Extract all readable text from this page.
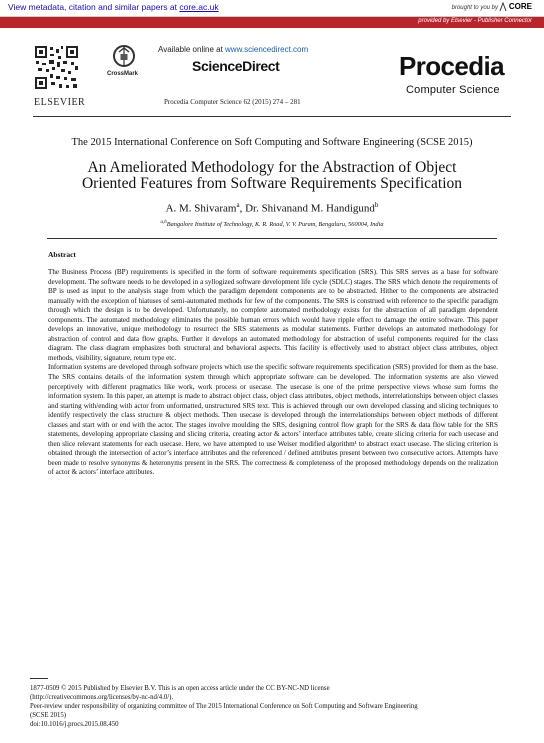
View metadata, citation and similar papers at core.ac.uk	brought to you by CORE
provided by Elsevier - Publisher Connector
ELSEVIER
CrossMark
Available online at www.sciencedirect.com
ScienceDirect
Procedia Computer Science 62 (2015) 274 – 281
Procedia
Computer Science
The 2015 International Conference on Soft Computing and Software Engineering (SCSE 2015)
An Ameliorated Methodology for the Abstraction of Object
Oriented Features from Software Requirements Specification
A. M. Shivaram$^a$, Dr. Shivanand M. Handigund$^b$
$^{a,b}$Bangalore Institute of Technology, K. R. Road, V. V. Puram, Bengaluru, 560004, India
Abstract

The Business Process (BP) requirements is specified in the form of software requirements specification (SRS). This SRS serves as a base for software development. The software needs to be developed in a syllogized software development life cycle (SDLC) stages. The SRS which denote the requirements of BP is used as input to the analysis stage from which the paradigm dependent components are to be abstracted. Hither to the components are abstracted manually with the exception of hiatuses of semi-automated methods for few of the components. The SRS is construed with reference to the specific paradigm through which the design is to be developed. Unfortunately, no complete automated methodology exists for the abstraction of all paradigm dependent components. The automated methodology eliminates the possible human errors which would have ripple effect to damage the entire software. This paper develops an innovative, unique methodology to resurrect the SRS statements as modular statements. Further develops an automated methodology for abstraction of control and data flow graphs. Further it develops an automated methodology for abstraction of useful components required for the class diagram. The class diagram emphasizes both structural and behavioral aspects. This facility is effectively used to abstract object class attributes, object methods, visibility, signature, return type etc.

Information systems are developed through software projects which use the specific software requirements specification (SRS) provided for them as the base. The SRS contains details of the information system through which appropriate software can be developed. The information systems are also viewed perceptively with different pragmatics like work, work process or usecase. The usecase is one of the prime perspective views whose sum forms the information system. In this paper, an attempt is made to abstract object class, object class attributes, object methods, interrelationships between object classes and starting with/ending with actor from unformatted, unstructured SRS text. This is achieved through our own developed classing and slicing techniques to identify respectively the class structure & object methods. Then usecase is developed through the interrelationships between object methods of different classes and start with or end with the actor. The stages involve moulding the SRS, designing control flow graph for the SRS & data flow table for the SRS statements, developing appropriate classing and slicing criteria, creating actor & actors’ interface attributes table, create slicing criteria for each usecase and then slice relevant statements for each usecase. Here, we have attempted to use Weiser modified algorithm¹ to abstract exact usecase. The slicing criterion is obtained through the intersection of actor’s interface attributes and the referenced / defined attributes present between two consecutive actors. Attempts have been made to resolve synonyms & heteronyms present in the SRS. The correctness & completeness of the proposed methodology depends on the realization of actor & actors’ interface attributes.

1877-0509 © 2015 Published by Elsevier B.V. This is an open access article under the CC BY-NC-ND license
(http://creativecommons.org/licenses/by-nc-nd/4.0/).
Peer-review under responsibility of organizing committee of The 2015 International Conference on Soft Computing and Software Engineering
(SCSE 2015)
doi:10.1016/j.procs.2015.08.450
